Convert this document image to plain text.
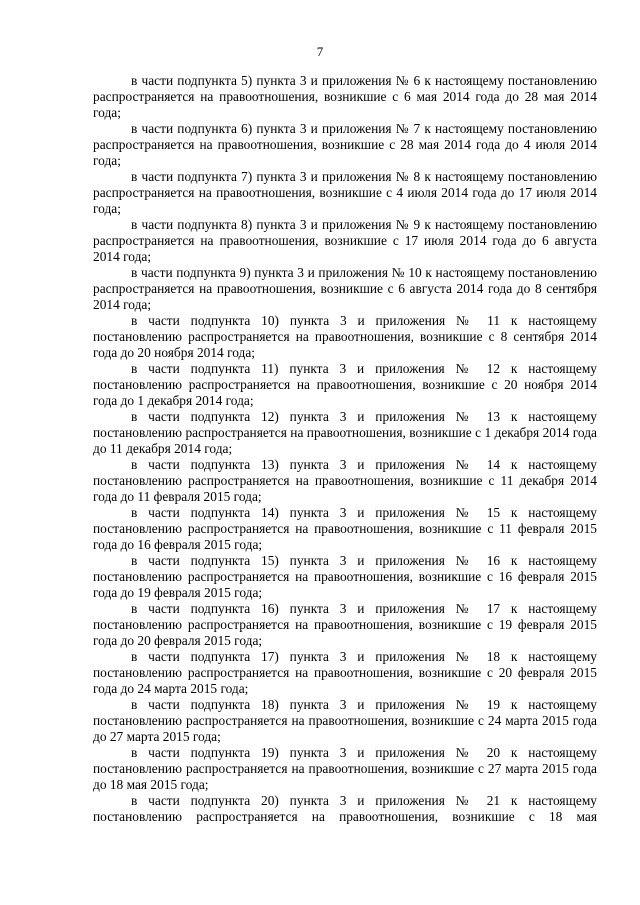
7

в части подпункта 5) пункта 3 и приложения № 6 к настоящему постановлению распространяется на правоотношения, возникшие с 6 мая 2014 года до 28 мая 2014 года;

в части подпункта 6) пункта 3 и приложения № 7 к настоящему постановлению распространяется на правоотношения, возникшие с 28 мая 2014 года до 4 июля 2014 года;

в части подпункта 7) пункта 3 и приложения № 8 к настоящему постановлению распространяется на правоотношения, возникшие с 4 июля 2014 года до 17 июля 2014 года;

в части подпункта 8) пункта 3 и приложения № 9 к настоящему постановлению распространяется на правоотношения, возникшие с 17 июля 2014 года до 6 августа 2014 года;

в части подпункта 9) пункта 3 и приложения № 10 к настоящему постановлению распространяется на правоотношения, возникшие с 6 августа 2014 года до 8 сентября 2014 года;

в части подпункта 10) пункта 3 и приложения № 11 к настоящему постановлению распространяется на правоотношения, возникшие с 8 сентября 2014 года до 20 ноября 2014 года;

в части подпункта 11) пункта 3 и приложения № 12 к настоящему постановлению распространяется на правоотношения, возникшие с 20 ноября 2014 года до 1 декабря 2014 года;

в части подпункта 12) пункта 3 и приложения № 13 к настоящему постановлению распространяется на правоотношения, возникшие с 1 декабря 2014 года до 11 декабря 2014 года;

в части подпункта 13) пункта 3 и приложения № 14 к настоящему постановлению распространяется на правоотношения, возникшие с 11 декабря 2014 года до 11 февраля 2015 года;

в части подпункта 14) пункта 3 и приложения № 15 к настоящему постановлению распространяется на правоотношения, возникшие с 11 февраля 2015 года до 16 февраля 2015 года;

в части подпункта 15) пункта 3 и приложения № 16 к настоящему постановлению распространяется на правоотношения, возникшие с 16 февраля 2015 года до 19 февраля 2015 года;

в части подпункта 16) пункта 3 и приложения № 17 к настоящему постановлению распространяется на правоотношения, возникшие с 19 февраля 2015 года до 20 февраля 2015 года;

в части подпункта 17) пункта 3 и приложения № 18 к настоящему постановлению распространяется на правоотношения, возникшие с 20 февраля 2015 года до 24 марта 2015 года;

в части подпункта 18) пункта 3 и приложения № 19 к настоящему постановлению распространяется на правоотношения, возникшие с 24 марта 2015 года до 27 марта 2015 года;

в части подпункта 19) пункта 3 и приложения № 20 к настоящему постановлению распространяется на правоотношения, возникшие с 27 марта 2015 года до 18 мая 2015 года;

в части подпункта 20) пункта 3 и приложения № 21 к настоящему постановлению распространяется на правоотношения, возникшие с 18 мая
